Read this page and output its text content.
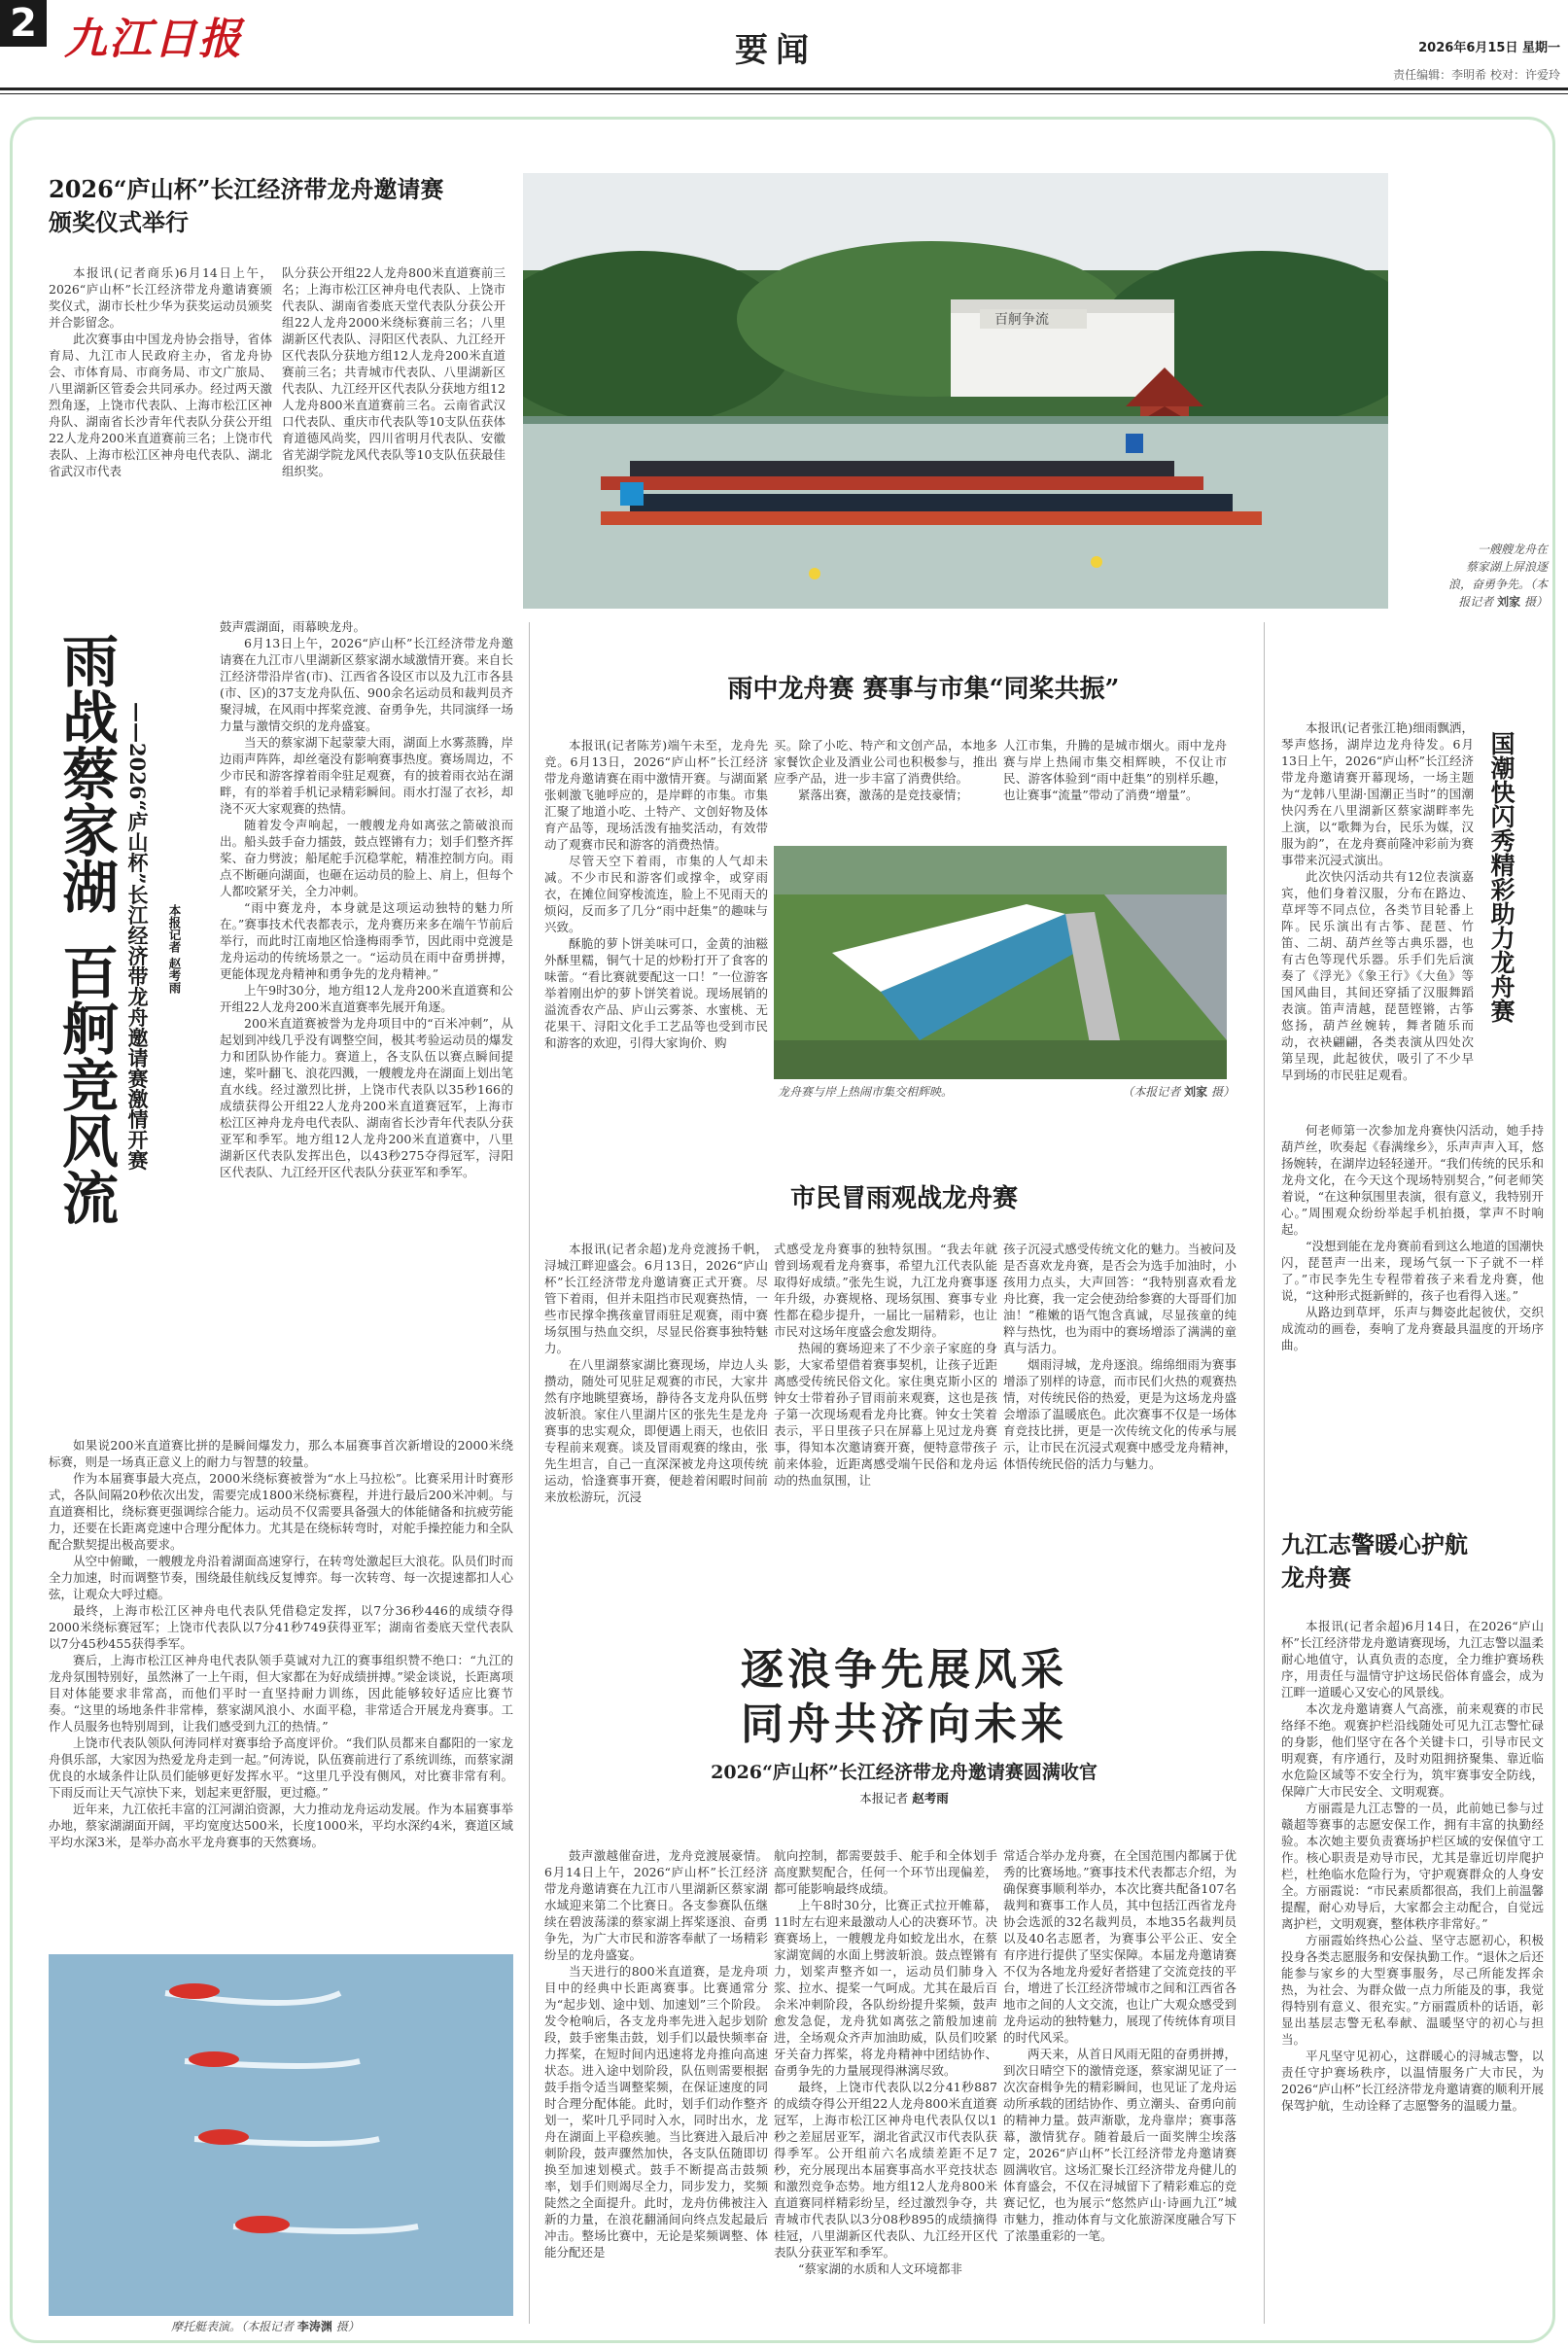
2 九江日报	要闻	2026年6月15日 星期一
责任编辑：李明希 校对：许爱玲
2026“庐山杯”长江经济带龙舟邀请赛
颁奖仪式举行

本报讯(记者商乐)6月14日上午，2026“庐山杯”长江经济带龙舟邀请赛颁奖仪式，湖市长杜少华为获奖运动员颁奖并合影留念。

此次赛事由中国龙舟协会指导，省体育局、九江市人民政府主办，省龙舟协会、市体育局、市商务局、市文广旅局、八里湖新区管委会共同承办。经过两天激烈角逐，上饶市代表队、上海市松江区神舟队、湖南省长沙青年代表队分获公开组22人龙舟200米直道赛前三名；上饶市代表队、上海市松江区神舟电代表队、湖北省武汉市代表

队分获公开组22人龙舟800米直道赛前三名；上海市松江区神舟电代表队、上饶市代表队、湖南省娄底天堂代表队分获公开组22人龙舟2000米绕标赛前三名；八里湖新区代表队、浔阳区代表队、九江经开区代表队分获地方组12人龙舟200米直道赛前三名；共青城市代表队、八里湖新区代表队、九江经开区代表队分获地方组12人龙舟800米直道赛前三名。云南省武汉口代表队、重庆市代表队等10支队伍获体育道德风尚奖，四川省明月代表队、安徽省芜湖学院龙风代表队等10支队伍获最佳组织奖。

百舸争流
一艘艘龙舟在
蔡家湖上屏浪逐
浪，奋勇争先。（本
报记者 刘家 摄）
雨战蔡家湖百舸竞风流 ——2026“庐山杯”长江经济带龙舟邀请赛激情开赛 本报记者 赵考雨

鼓声震湖面，雨幕映龙舟。

6月13日上午，2026“庐山杯”长江经济带龙舟邀请赛在九江市八里湖新区蔡家湖水域激情开赛。来自长江经济带沿岸省(市)、江西省各设区市以及九江市各县(市、区)的37支龙舟队伍、900余名运动员和裁判员齐聚浔城，在风雨中挥桨竞渡、奋勇争先，共同演绎一场力量与激情交织的龙舟盛宴。

当天的蔡家湖下起蒙蒙大雨，湖面上水雾蒸腾，岸边雨声阵阵，却丝毫没有影响赛事热度。赛场周边，不少市民和游客撑着雨伞驻足观赛，有的披着雨衣站在湖畔，有的举着手机记录精彩瞬间。雨水打湿了衣衫，却浇不灭大家观赛的热情。

随着发令声响起，一艘艘龙舟如离弦之箭破浪而出。船头鼓手奋力擂鼓，鼓点铿锵有力；划手们整齐挥桨、奋力劈波；船尾舵手沉稳掌舵，精准控制方向。雨点不断砸向湖面，也砸在运动员的脸上、肩上，但每个人都咬紧牙关，全力冲刺。

“雨中赛龙舟，本身就是这项运动独特的魅力所在。”赛事技术代表都表示，龙舟赛历来多在端午节前后举行，而此时江南地区恰逢梅雨季节，因此雨中竞渡是龙舟运动的传统场景之一。“运动员在雨中奋勇拼搏，更能体现龙舟精神和勇争先的龙舟精神。”

上午9时30分，地方组12人龙舟200米直道赛和公开组22人龙舟200米直道赛率先展开角逐。

200米直道赛被誉为龙舟项目中的“百米冲刺”，从起划到冲线几乎没有调整空间，极其考验运动员的爆发力和团队协作能力。赛道上，各支队伍以赛点瞬间提速，桨叶翻飞、浪花四溅，一艘艘龙舟在湖面上划出笔直水线。经过激烈比拼，上饶市代表队以35秒166的成绩获得公开组22人龙舟200米直道赛冠军，上海市松江区神舟龙舟电代表队、湖南省长沙青年代表队分获亚军和季军。地方组12人龙舟200米直道赛中，八里湖新区代表队发挥出色，以43秒275夺得冠军，浔阳区代表队、九江经开区代表队分获亚军和季军。

如果说200米直道赛比拼的是瞬间爆发力，那么本届赛事首次新增设的2000米绕标赛，则是一场真正意义上的耐力与智慧的较量。

作为本届赛事最大亮点，2000米绕标赛被誉为“水上马拉松”。比赛采用计时赛形式，各队间隔20秒依次出发，需要完成1800米绕标赛程，并进行最后200米冲刺。与直道赛相比，绕标赛更强调综合能力。运动员不仅需要具备强大的体能储备和抗疲劳能力，还要在长距离竞速中合理分配体力。尤其是在绕标转弯时，对舵手操控能力和全队配合默契提出极高要求。

从空中俯瞰，一艘艘龙舟沿着湖面高速穿行，在转弯处激起巨大浪花。队员们时而全力加速，时而调整节奏，围绕最佳航线反复博弈。每一次转弯、每一次提速都扣人心弦，让观众大呼过瘾。

最终，上海市松江区神舟电代表队凭借稳定发挥，以7分36秒446的成绩夺得2000米绕标赛冠军；上饶市代表队以7分41秒749获得亚军；湖南省娄底天堂代表队以7分45秒455获得季军。

赛后，上海市松江区神舟电代表队领手莫诚对九江的赛事组织赞不绝口：“九江的龙舟氛围特别好，虽然淋了一上午雨，但大家都在为好成绩拼搏。”梁金谈说，长距离项目对体能要求非常高，而他们平时一直坚持耐力训练，因此能够较好适应比赛节奏。“这里的场地条件非常棒，蔡家湖风浪小、水面平稳，非常适合开展龙舟赛事。工作人员服务也特别周到，让我们感受到九江的热情。”

上饶市代表队领队何涛同样对赛事给予高度评价。“我们队员都来自鄱阳的一家龙舟俱乐部，大家因为热爱龙舟走到一起。”何涛说，队伍赛前进行了系统训练，而蔡家湖优良的水域条件让队员们能够更好发挥水平。“这里几乎没有侧风，对比赛非常有利。下雨反而让天气凉快下来，划起来更舒服，更过瘾。”

近年来，九江依托丰富的江河湖泊资源，大力推动龙舟运动发展。作为本届赛事举办地，蔡家湖湖面开阔，平均宽度达500米，长度1000米，平均水深约4米，赛道区域平均水深3米，是举办高水平龙舟赛事的天然赛场。

摩托艇表演。（本报记者 李涛渊 摄）
雨中龙舟赛 赛事与市集“同桨共振”

本报讯(记者陈芳)端午未至，龙舟先竞。6月13日，2026“庐山杯”长江经济带龙舟邀请赛在雨中激情开赛。与湖面紧张刺激飞驰呼应的，是岸畔的市集。市集汇聚了地道小吃、土特产、文创好物及体育产品等，现场活泼有抽奖活动，有效带动了观赛市民和游客的消费热情。

尽管天空下着雨，市集的人气却未减。不少市民和游客们或撑伞，或穿雨衣，在摊位间穿梭流连，脸上不见雨天的烦闷，反而多了几分“雨中赶集”的趣味与兴致。

酥脆的萝卜饼美味可口，金黄的油糍外酥里糯，铜气十足的炒粉打开了食客的味蕾。“看比赛就要配这一口！”一位游客举着刚出炉的萝卜饼笑着说。现场展销的溢流香农产品、庐山云雾茶、水蜜桃、无花果干、浔阳文化手工艺品等也受到市民和游客的欢迎，引得大家询价、购

买。除了小吃、特产和文创产品，本地多家餐饮企业及酒业公司也积极参与，推出应季产品，进一步丰富了消费供给。

紧落出赛，激荡的是竞技豪情；

人江市集，升腾的是城市烟火。雨中龙舟赛与岸上热闹市集交相辉映，不仅让市民、游客体验到“雨中赶集”的别样乐趣，也让赛事“流量”带动了消费“增量”。

龙舟赛与岸上热闹市集交相辉映。	（本报记者 刘家 摄）
国潮快闪秀精彩助力龙舟赛

本报讯(记者张江艳)细雨飘洒，琴声悠扬，湖岸边龙舟待发。6月13日上午，2026“庐山杯”长江经济带龙舟邀请赛开幕现场，一场主题为“龙韩八里湖·国潮正当时”的国潮快闪秀在八里湖新区蔡家湖畔率先上演，以“歌舞为台，民乐为媒，汉服为韵”，在龙舟赛前隆冲彩前为赛事带来沉浸式演出。

此次快闪活动共有12位表演嘉宾，他们身着汉服，分布在路边、草坪等不同点位，各类节目轮番上阵。民乐演出有古筝、琵琶、竹笛、二胡、葫芦丝等古典乐器，也有古色等现代乐器。乐手们先后演奏了《浮光》《象王行》《大鱼》等国风曲目，其间还穿插了汉服舞蹈表演。笛声清越，琵琶铿锵，古筝悠扬，葫芦丝婉转，舞者随乐而动，衣袂翩翩，各类表演从四处次第呈现，此起彼伏，吸引了不少早早到场的市民驻足观看。

何老师第一次参加龙舟赛快闪活动，她手持葫芦丝，吹奏起《春满缘乡》，乐声声声入耳，悠扬婉转，在湖岸边轻轻递开。“我们传统的民乐和龙舟文化，在今天这个现场特别契合，”何老师笑着说，“在这种氛围里表演，很有意义，我特别开心。”周围观众纷纷举起手机拍摄，掌声不时响起。

“没想到能在龙舟赛前看到这么地道的国潮快闪，琵琶声一出来，现场气氛一下子就不一样了。”市民李先生专程带着孩子来看龙舟赛，他说，“这种形式挺新鲜的，孩子也看得入迷。”

从路边到草坪，乐声与舞姿此起彼伏，交织成流动的画卷，奏响了龙舟赛最具温度的开场序曲。

市民冒雨观战龙舟赛

本报讯(记者余超)龙舟竞渡扬千帆，浔城江畔迎盛会。6月13日，2026“庐山杯”长江经济带龙舟邀请赛正式开赛。尽管下着雨，但并未阻挡市民观赛热情，一些市民撑伞携孩童冒雨驻足观赛，雨中赛场氛围与热血交织，尽显民俗赛事独特魅力。

在八里湖蔡家湖比赛现场，岸边人头攒动，随处可见驻足观赛的市民，大家井然有序地眺望赛场，静待各支龙舟队伍劈波斩浪。家住八里湖片区的张先生是龙舟赛事的忠实观众，即便遇上雨天，也依旧专程前来观赛。谈及冒雨观赛的缘由，张先生坦言，自己一直深深被龙舟这项传统运动，恰逢赛事开赛，便趁着闲暇时间前来放松游玩，沉浸

式感受龙舟赛事的独特氛围。“我去年就曾到场观看龙舟赛事，希望九江代表队能取得好成绩。”张先生说，九江龙舟赛事逐年升级，办赛规格、现场氛围、赛事专业性都在稳步提升，一届比一届精彩，也让市民对这场年度盛会愈发期待。

热闹的赛场迎来了不少亲子家庭的身影，大家希望借着赛事契机，让孩子近距离感受传统民俗文化。家住奥克斯小区的钟女士带着孙子冒雨前来观赛，这也是孩子第一次现场观看龙舟比赛。钟女士笑着表示，平日里孩子只在屏幕上见过龙舟赛事，得知本次邀请赛开赛，便特意带孩子前来体验，近距离感受端午民俗和龙舟运动的热血氛围，让

孩子沉浸式感受传统文化的魅力。当被问及是否喜欢龙舟赛，是否会为选手加油时，小孩用力点头，大声回答：“我特别喜欢看龙舟比赛，我一定会使劲给参赛的大哥哥们加油！”稚嫩的语气饱含真诚，尽显孩童的纯粹与热忱，也为雨中的赛场增添了满满的童真与活力。

烟雨浔城，龙舟逐浪。绵绵细雨为赛事增添了别样的诗意，而市民们火热的观赛热情，对传统民俗的热爱，更是为这场龙舟盛会增添了温暖底色。此次赛事不仅是一场体育竞技比拼，更是一次传统文化的传承与展示，让市民在沉浸式观赛中感受龙舟精神，体悟传统民俗的活力与魅力。

九江志警暖心护航
龙舟赛

本报讯(记者余超)6月14日，在2026“庐山杯”长江经济带龙舟邀请赛现场，九江志警以温柔耐心地值守，认真负责的态度，全力维护赛场秩序，用责任与温情守护这场民俗体育盛会，成为江畔一道暖心又安心的风景线。

本次龙舟邀请赛人气高涨，前来观赛的市民络绎不绝。观赛护栏沿线随处可见九江志警忙碌的身影，他们坚守在各个关键卡口，引导市民文明观赛，有序通行，及时劝阻拥挤聚集、靠近临水危险区域等不安全行为，筑牢赛事安全防线，保障广大市民安全、文明观赛。

方丽霞是九江志警的一员，此前她已参与过赣超等赛事的志愿安保工作，拥有丰富的执勤经验。本次她主要负责赛场护栏区域的安保值守工作。核心职责是劝导市民，尤其是靠近切岸爬护栏，杜绝临水危险行为，守护观赛群众的人身安全。方丽霞说：“市民素质都很高，我们上前温馨提醒，耐心劝导后，大家都会主动配合，自觉远离护栏，文明观赛，整体秩序非常好。”

方丽霞始终热心公益、坚守志愿初心，积极投身各类志愿服务和安保执勤工作。“退休之后还能参与家乡的大型赛事服务，尽己所能发挥余热，为社会、为群众做一点力所能及的事，我觉得特别有意义、很充实。”方丽霞质朴的话语，彰显出基层志警无私奉献、温暖坚守的初心与担当。

平凡坚守见初心，这群暖心的浔城志警，以责任守护赛场秩序，以温情服务广大市民，为2026“庐山杯”长江经济带龙舟邀请赛的顺利开展保驾护航，生动诠释了志愿警务的温暖力量。

逐浪争先展风采
同舟共济向未来
2026“庐山杯”长江经济带龙舟邀请赛圆满收官
本报记者 赵考雨

鼓声激越催奋进，龙舟竞渡展豪情。6月14日上午，2026“庐山杯”长江经济带龙舟邀请赛在九江市八里湖新区蔡家湖水域迎来第二个比赛日。各支参赛队伍继续在碧波荡漾的蔡家湖上挥桨逐浪、奋勇争先，为广大市民和游客奉献了一场精彩纷呈的龙舟盛宴。

当天进行的800米直道赛，是龙舟项目中的经典中长距离赛事。比赛通常分为“起步划、途中划、加速划”三个阶段。发令枪响后，各支龙舟率先进入起步划阶段，鼓手密集击鼓，划手们以最快频率奋力挥桨，在短时间内迅速将龙舟推向高速状态。进入途中划阶段，队伍则需要根据鼓手指令适当调整桨频，在保证速度的同时合理分配体能。此时，划手们动作整齐划一，桨叶几乎同时入水，同时出水，龙舟在湖面上平稳疾驰。当比赛进入最后冲刺阶段，鼓声骤然加快，各支队伍随即切换至加速划模式。鼓手不断提高击鼓频率，划手们则竭尽全力，同步发力，奖频陡然之全面提升。此时，龙舟仿佛被注入新的力量，在浪花翻涌间向终点发起最后冲击。整场比赛中，无论是桨频调整、体能分配还是

航向控制，都需要鼓手、舵手和全体划手高度默契配合，任何一个环节出现偏差，都可能影响最终成绩。

上午8时30分，比赛正式拉开帷幕，11时左右迎来最激动人心的决赛环节。决赛赛场上，一艘艘龙舟如蛟龙出水，在蔡家湖宽阔的水面上劈波斩浪。鼓点铿锵有力，划桨声整齐如一，运动员们肺身入浆、拉水、提桨一气呵成。尤其在最后百余米冲刺阶段，各队纷纷提升桨频，鼓声愈发急促，龙舟犹如离弦之箭般加速前进，全场观众齐声加油助威，队员们咬紧牙关奋力挥桨，将龙舟精神中团结协作、奋勇争先的力量展现得淋漓尽致。

最终，上饶市代表队以2分41秒887的成绩夺得公开组22人龙舟800米直道赛冠军，上海市松江区神舟电代表队仅以1秒之差屈居亚军，湖北省武汉市代表队获得季军。公开组前六名成绩差距不足7秒，充分展现出本届赛事高水平竞技状态和激烈竞争态势。地方组12人龙舟800米直道赛同样精彩纷呈，经过激烈争夺，共青城市代表队以3分08秒895的成绩摘得桂冠，八里湖新区代表队、九江经开区代表队分获亚军和季军。

“蔡家湖的水质和人文环境都非

常适合举办龙舟赛，在全国范围内都属于优秀的比赛场地。”赛事技术代表都志介绍，为确保赛事顺利举办，本次比赛共配备107名裁判和赛事工作人员，其中包括江西省龙舟协会选派的32名裁判员，本地35名裁判员以及40名志愿者，为赛事公平公正、安全有序进行提供了坚实保障。本届龙舟邀请赛不仅为各地龙舟爱好者搭建了交流竞技的平台，增进了长江经济带城市之间和江西省各地市之间的人文交流，也让广大观众感受到龙舟运动的独特魅力，展现了传统体育项目的时代风采。

两天来，从首日风雨无阻的奋勇拼搏，到次日晴空下的激情竞逐，蔡家湖见证了一次次奋楫争先的精彩瞬间，也见证了龙舟运动所承载的团结协作、勇立潮头、奋勇向前的精神力量。鼓声渐歇，龙舟靠岸；赛事落幕，激情犹存。随着最后一面奖牌尘埃落定，2026“庐山杯”长江经济带龙舟邀请赛圆满收官。这场汇聚长江经济带龙舟健儿的体育盛会，不仅在浔城留下了精彩难忘的竞赛记忆，也为展示“悠然庐山·诗画九江”城市魅力，推动体育与文化旅游深度融合写下了浓墨重彩的一笔。
